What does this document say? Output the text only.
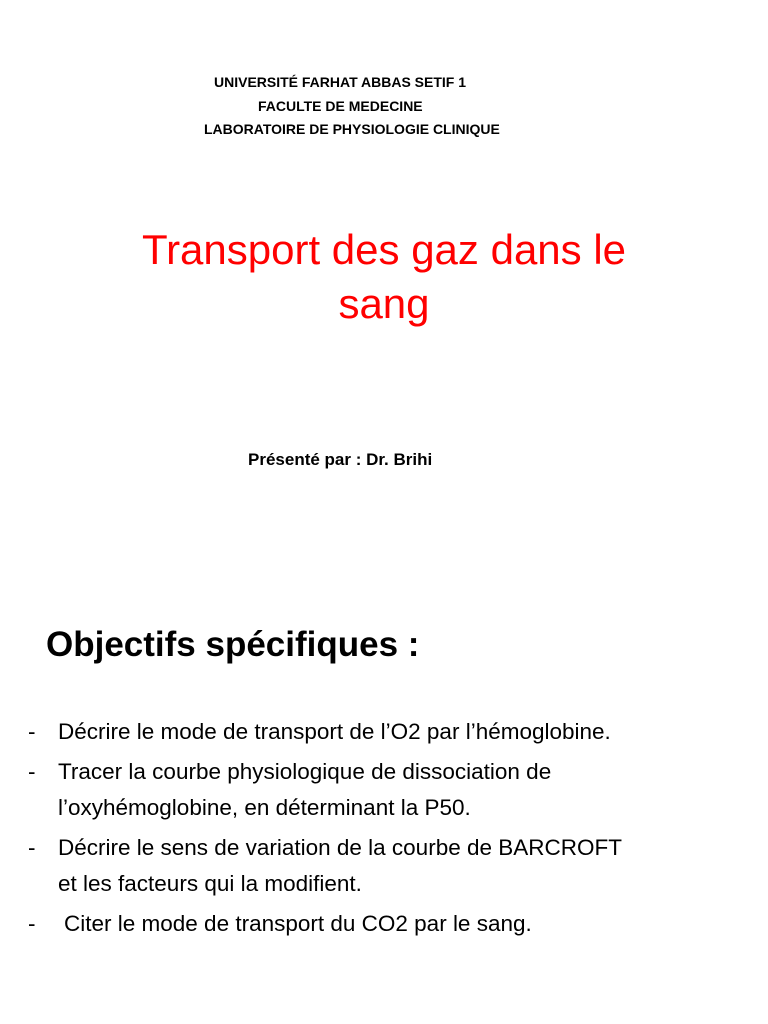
UNIVERSITÉ FARHAT ABBAS SETIF 1
FACULTE DE MEDECINE
LABORATOIRE DE PHYSIOLOGIE CLINIQUE
Transport des gaz dans le
sang
Présenté par : Dr. Brihi
Objectifs spécifiques :
- Décrire le mode de transport de l’O2 par l’hémoglobine.
- Tracer la courbe physiologique de dissociation de
l’oxyhémoglobine, en déterminant la P50.
- Décrire le sens de variation de la courbe de BARCROFT
et les facteurs qui la modifient.
- Citer le mode de transport du CO2 par le sang.
